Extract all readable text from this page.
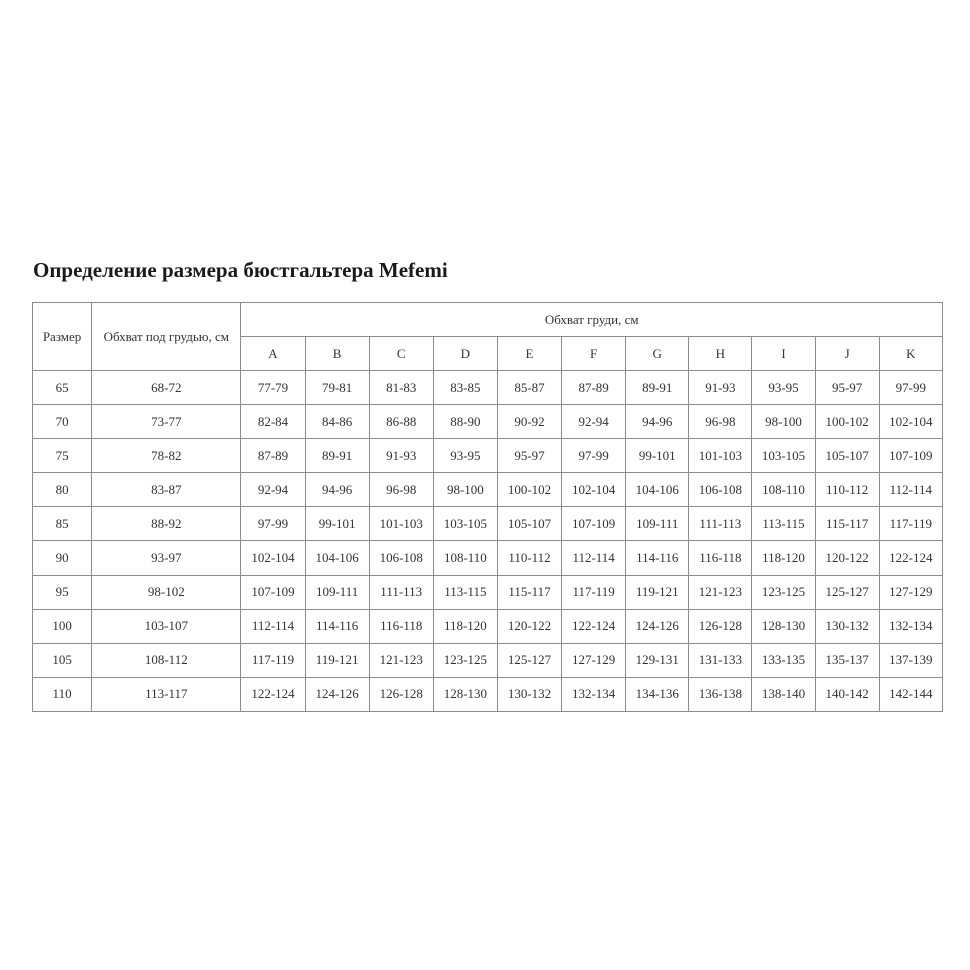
Определение размера бюстгальтера Mefemi
Размер	Обхват под грудью, см	Обхват груди, см										
		A	B	C	D	E	F	G	H	I	J	K
65	68-72	77-79	79-81	81-83	83-85	85-87	87-89	89-91	91-93	93-95	95-97	97-99
70	73-77	82-84	84-86	86-88	88-90	90-92	92-94	94-96	96-98	98-100	100-102	102-104
75	78-82	87-89	89-91	91-93	93-95	95-97	97-99	99-101	101-103	103-105	105-107	107-109
80	83-87	92-94	94-96	96-98	98-100	100-102	102-104	104-106	106-108	108-110	110-112	112-114
85	88-92	97-99	99-101	101-103	103-105	105-107	107-109	109-111	111-113	113-115	115-117	117-119
90	93-97	102-104	104-106	106-108	108-110	110-112	112-114	114-116	116-118	118-120	120-122	122-124
95	98-102	107-109	109-111	111-113	113-115	115-117	117-119	119-121	121-123	123-125	125-127	127-129
100	103-107	112-114	114-116	116-118	118-120	120-122	122-124	124-126	126-128	128-130	130-132	132-134
105	108-112	117-119	119-121	121-123	123-125	125-127	127-129	129-131	131-133	133-135	135-137	137-139
110	113-117	122-124	124-126	126-128	128-130	130-132	132-134	134-136	136-138	138-140	140-142	142-144
